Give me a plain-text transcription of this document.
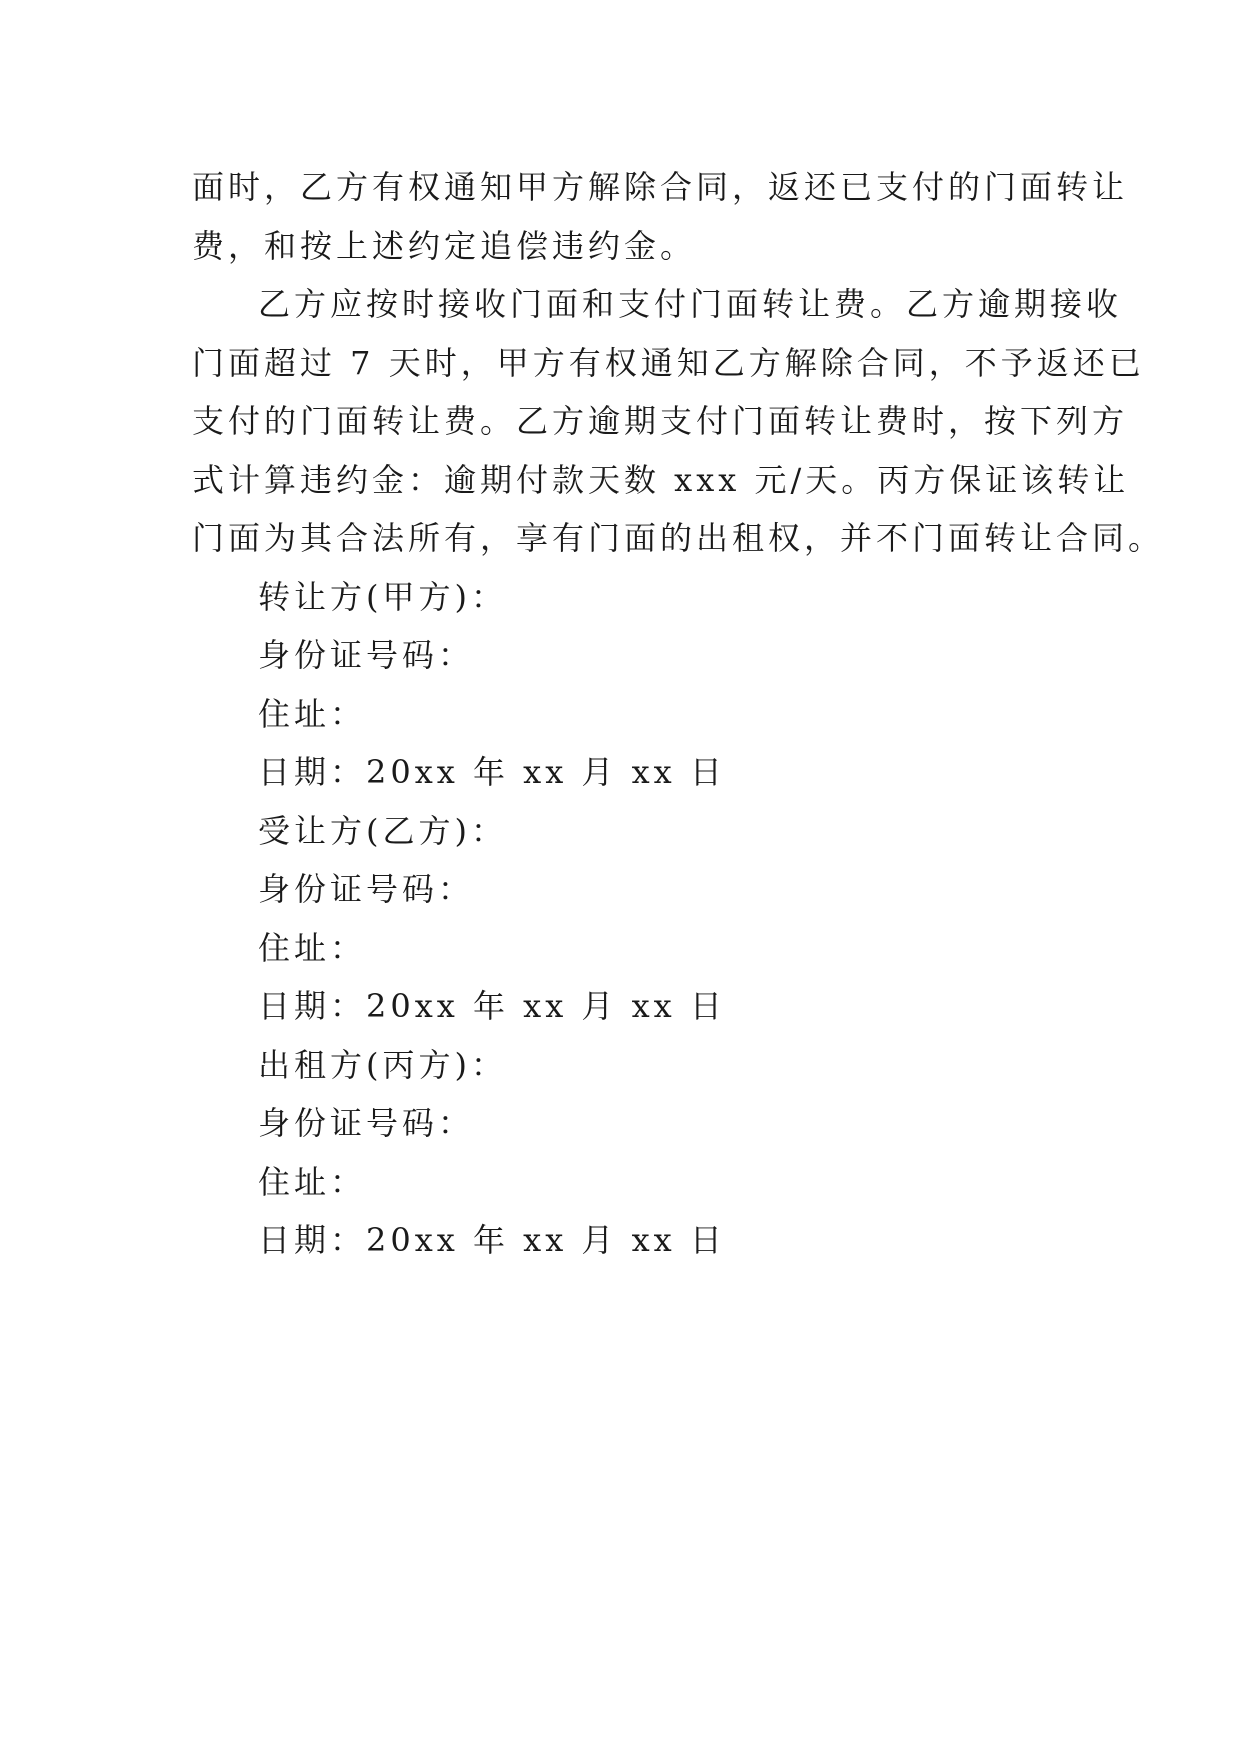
面时，乙方有权通知甲方解除合同，返还已支付的门面转让
费，和按上述约定追偿违约金。
乙方应按时接收门面和支付门面转让费。乙方逾期接收
门面超过 7 天时，甲方有权通知乙方解除合同，不予返还已
支付的门面转让费。乙方逾期支付门面转让费时，按下列方
式计算违约金：逾期付款天数 xxx 元/天。丙方保证该转让
门面为其合法所有，享有门面的出租权，并不门面转让合同。
转让方(甲方)：
身份证号码：
住址：
日期：20xx 年 xx 月 xx 日
受让方(乙方)：
身份证号码：
住址：
日期：20xx 年 xx 月 xx 日
出租方(丙方)：
身份证号码：
住址：
日期：20xx 年 xx 月 xx 日
